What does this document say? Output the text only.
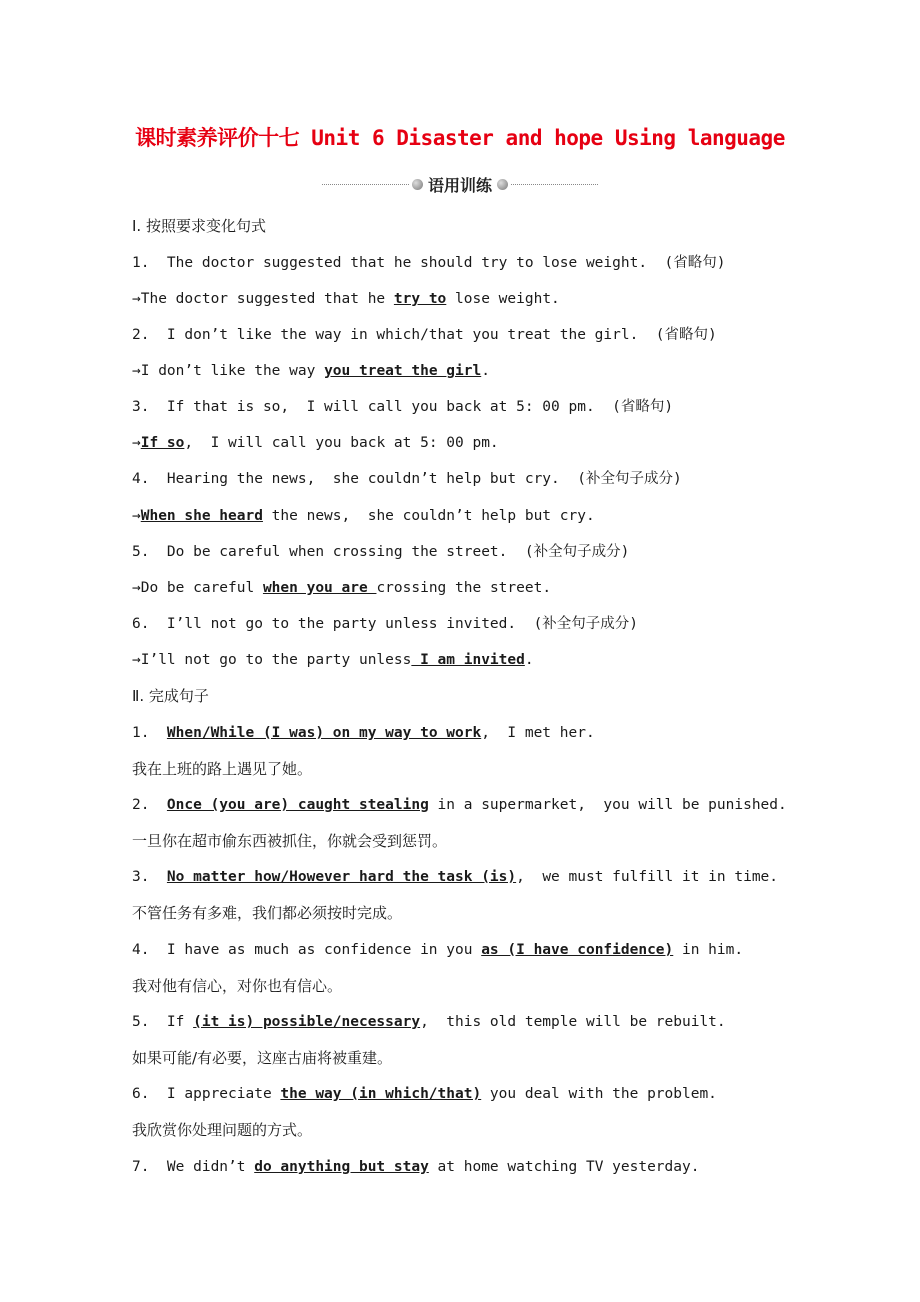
课时素养评价十七 Unit 6 Disaster and hope Using language
语用训练
Ⅰ. 按照要求变化句式
1.  The doctor suggested that he should try to lose weight.  (省略句)
→The doctor suggested that he try to lose weight.
2.  I don’t like the way in which/that you treat the girl.  (省略句)
→I don’t like the way you treat the girl.
3.  If that is so,  I will call you back at 5: 00 pm.  (省略句)
→If so,  I will call you back at 5: 00 pm.
4.  Hearing the news,  she couldn’t help but cry.  (补全句子成分)
→When she heard the news,  she couldn’t help but cry.
5.  Do be careful when crossing the street.  (补全句子成分)
→Do be careful when you are crossing the street.
6.  I’ll not go to the party unless invited.  (补全句子成分)
→I’ll not go to the party unless I am invited.
Ⅱ. 完成句子
1.  When/While (I was) on my way to work,  I met her.
我在上班的路上遇见了她。
2.  Once (you are) caught stealing in a supermarket,  you will be punished.
一旦你在超市偷东西被抓住，你就会受到惩罚。
3.  No matter how/However hard the task (is),  we must fulfill it in time.
不管任务有多难，我们都必须按时完成。
4.  I have as much as confidence in you as (I have confidence) in him.
我对他有信心，对你也有信心。
5.  If (it is) possible/necessary,  this old temple will be rebuilt.
如果可能/有必要，这座古庙将被重建。
6.  I appreciate the way (in which/that) you deal with the problem.
我欣赏你处理问题的方式。
7.  We didn’t do anything but stay at home watching TV yesterday.
